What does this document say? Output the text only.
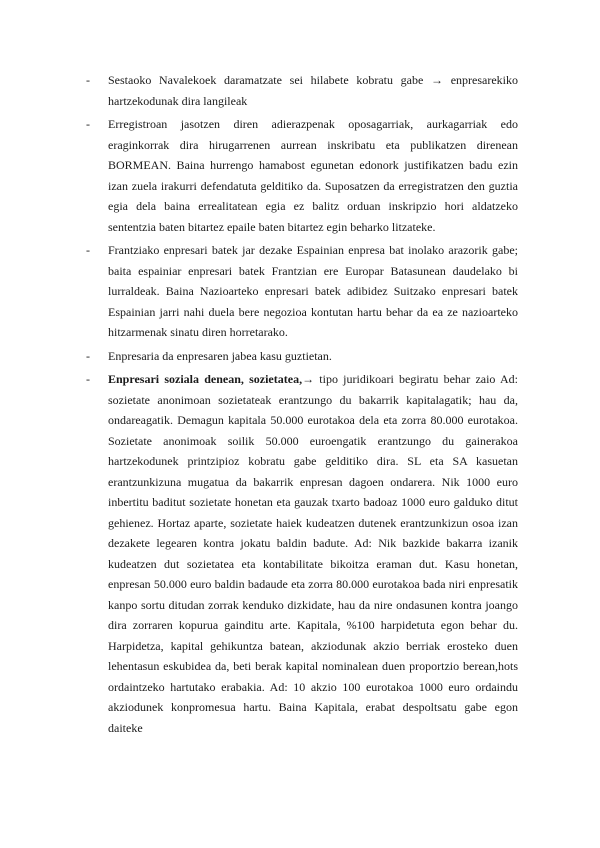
-	Sestaoko Navalekoek daramatzate sei hilabete kobratu gabe → enpresarekiko hartzekodunak dira langileak
-	Erregistroan jasotzen diren adierazpenak oposagarriak, aurkagarriak edo eraginkorrak dira hirugarrenen aurrean inskribatu eta publikatzen direnean BORMEAN. Baina hurrengo hamabost egunetan edonork justifikatzen badu ezin izan zuela irakurri defendatuta gelditiko da. Suposatzen da erregistratzen den guztia egia dela baina errealitatean egia ez balitz orduan inskripzio hori aldatzeko sententzia baten bitartez epaile baten bitartez egin beharko litzateke.
-	Frantziako enpresari batek jar dezake Espainian enpresa bat inolako arazorik gabe; baita espainiar enpresari batek Frantzian ere Europar Batasunean daudelako bi lurraldeak. Baina Nazioarteko enpresari batek adibidez Suitzako enpresari batek Espainian jarri nahi duela bere negozioa kontutan hartu behar da ea ze nazioarteko hitzarmenak sinatu diren horretarako.
-	Enpresaria da enpresaren jabea kasu guztietan.
-	Enpresari soziala denean, sozietatea,→ tipo juridikoari begiratu behar zaio Ad: sozietate anonimoan sozietateak erantzungo du bakarrik kapitalagatik; hau da, ondareagatik. Demagun kapitala 50.000 eurotakoa dela eta zorra 80.000 eurotakoa. Sozietate anonimoak soilik 50.000 euroengatik erantzungo du gainerakoa hartzekodunek printzipioz kobratu gabe gelditiko dira. SL eta SA kasuetan erantzunkizuna mugatua da bakarrik enpresan dagoen ondarera. Nik 1000 euro inbertitu baditut sozietate honetan eta gauzak txarto badoaz 1000 euro galduko ditut gehienez. Hortaz aparte, sozietate haiek kudeatzen dutenek erantzunkizun osoa izan dezakete legearen kontra jokatu baldin badute. Ad: Nik bazkide bakarra izanik kudeatzen dut sozietatea eta kontabilitate bikoitza eraman dut. Kasu honetan, enpresan 50.000 euro baldin badaude eta zorra 80.000 eurotakoa bada niri enpresatik kanpo sortu ditudan zorrak kenduko dizkidate, hau da nire ondasunen kontra joango dira zorraren kopurua gainditu arte. Kapitala, %100 harpidetuta egon behar du. Harpidetza, kapital gehikuntza batean, akziodunak akzio berriak erosteko duen lehentasun eskubidea da, beti berak kapital nominalean duen proportzio berean,hots ordaintzeko hartutako erabakia. Ad: 10 akzio 100 eurotakoa 1000 euro ordaindu akziodunek konpromesua hartu. Baina Kapitala, erabat despoltsatu gabe egon daiteke
